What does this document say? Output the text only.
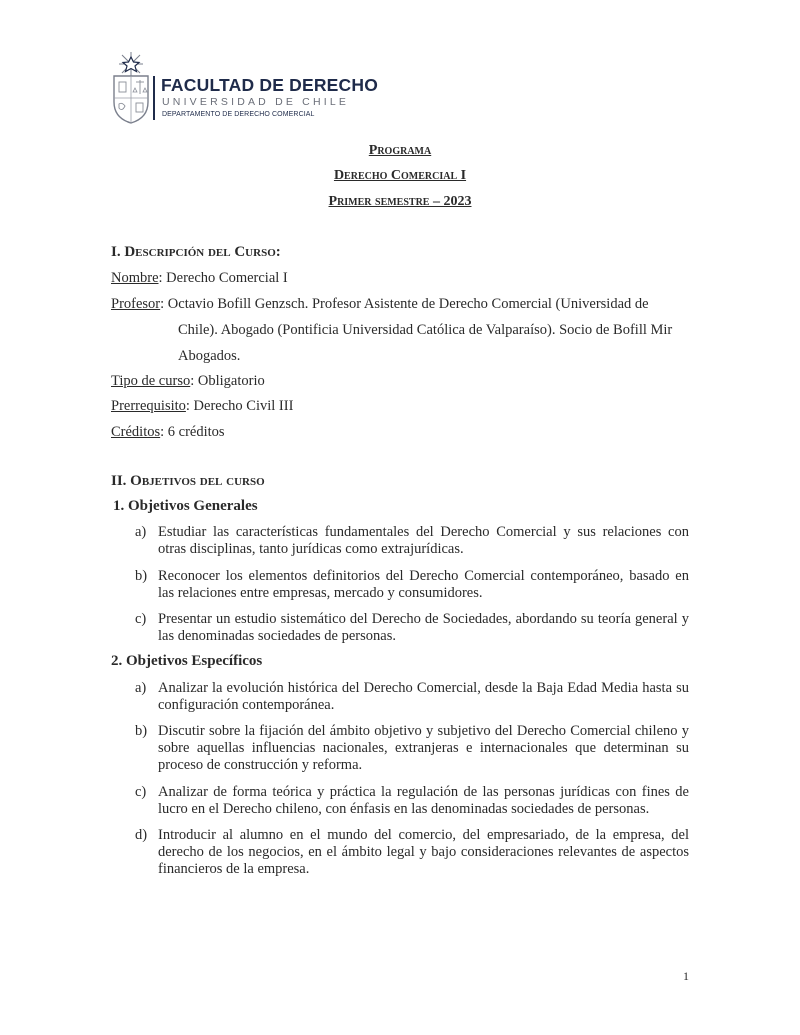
FACULTAD DE DERECHO
UNIVERSIDAD DE CHILE
DEPARTAMENTO DE DERECHO COMERCIAL
Programa
Derecho Comercial I
Primer semestre – 2023
I. Descripción del Curso:
Nombre: Derecho Comercial I
Profesor: Octavio Bofill Genzsch. Profesor Asistente de Derecho Comercial (Universidad de
Chile). Abogado (Pontificia Universidad Católica de Valparaíso). Socio de Bofill Mir
Abogados.
Tipo de curso: Obligatorio
Prerrequisito: Derecho Civil III
Créditos: 6 créditos
II. Objetivos del curso
1. Objetivos Generales
a) Estudiar las características fundamentales del Derecho Comercial y sus relaciones con otras disciplinas, tanto jurídicas como extrajurídicas.
b) Reconocer los elementos definitorios del Derecho Comercial contemporáneo, basado en las relaciones entre empresas, mercado y consumidores.
c) Presentar un estudio sistemático del Derecho de Sociedades, abordando su teoría general y las denominadas sociedades de personas.
2. Objetivos Específicos
a) Analizar la evolución histórica del Derecho Comercial, desde la Baja Edad Media hasta su configuración contemporánea.
b) Discutir sobre la fijación del ámbito objetivo y subjetivo del Derecho Comercial chileno y sobre aquellas influencias nacionales, extranjeras e internacionales que determinan su proceso de construcción y reforma.
c) Analizar de forma teórica y práctica la regulación de las personas jurídicas con fines de lucro en el Derecho chileno, con énfasis en las denominadas sociedades de personas.
d) Introducir al alumno en el mundo del comercio, del empresariado, de la empresa, del derecho de los negocios, en el ámbito legal y bajo consideraciones relevantes de aspectos financieros de la empresa.
1
